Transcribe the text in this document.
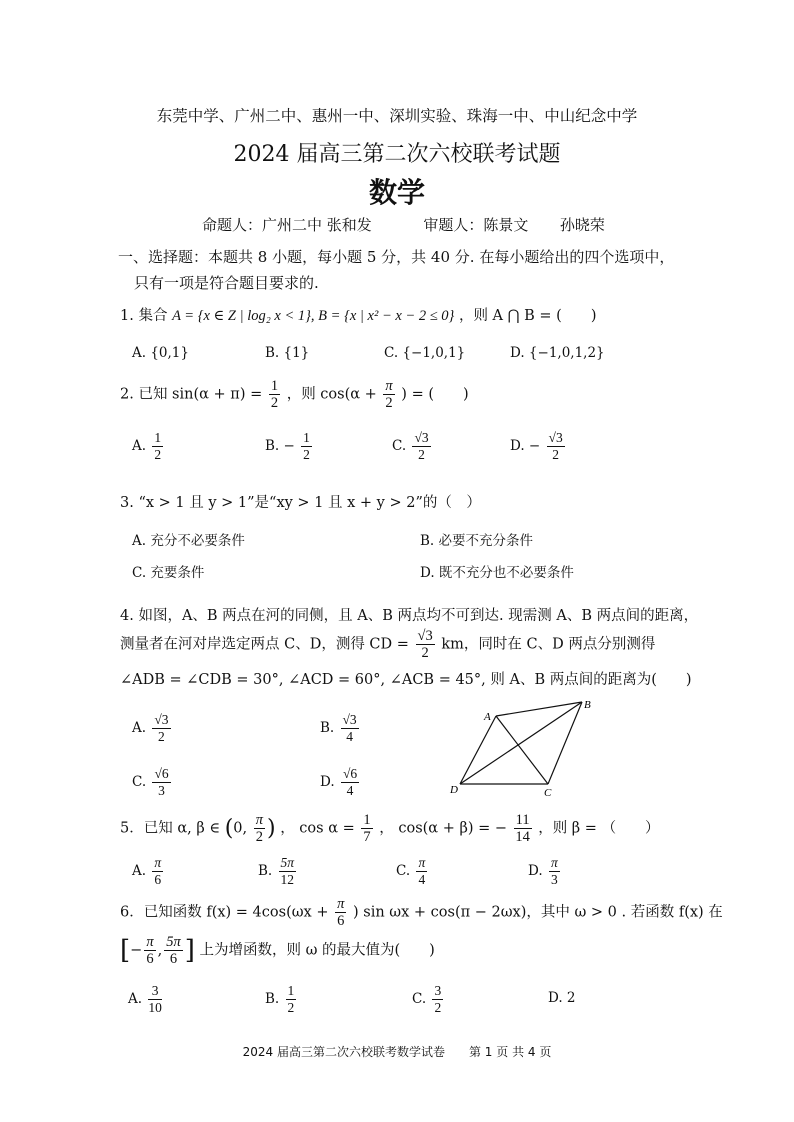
东莞中学、广州二中、惠州一中、深圳实验、珠海一中、中山纪念中学
2024 届高三第二次六校联考试题
数学
命题人：广州二中 张和发	审题人：陈景文 孙晓荣
一、选择题：本题共 8 小题，每小题 5 分，共 40 分. 在每小题给出的四个选项中，
只有一项是符合题目要求的.
1. 集合 A = {x ∈ Z | log₂ x < 1}, B = {x | x² − x − 2 ≤ 0} ，则 A ⋂ B = (　　)
A. {0,1}	B. {1}	C. {−1,0,1}	D. {−1,0,1,2}
2. 已知 $\sin(\alpha + \pi) = \frac{1}{2}$ ，则 $\cos(\alpha + \frac{\pi}{2}$ ) = (　　)
A. $\frac{1}{2}$	B. − $\frac{1}{2}$	C. $\frac{√3}{2}$	D. − $\frac{√3}{2}$
3. “x > 1 且 y > 1”是“xy > 1 且 x + y > 2”的（　）
A. 充分不必要条件	B. 必要不充分条件
C. 充要条件	D. 既不充分也不必要条件
4. 如图，A、B 两点在河的同侧，且 A、B 两点均不可到达. 现需测 A、B 两点间的距离，
测量者在河对岸选定两点 C、D，测得 CD = $\frac{√3}{2}$ km，同时在 C、D 两点分别测得
∠ADB = ∠CDB = 30°, ∠ACD = 60°, ∠ACB = 45°, 则 A、B 两点间的距离为(　　)
A. $\frac{√3}{2}$	B. $\frac{√3}{4}$
C. $\frac{√6}{3}$	D. $\frac{√6}{4}$
A
B
C
D
5．已知 α, β ∈ (0, $\frac{\pi}{2}$ ) ， $\cos \alpha = \frac{1}{7}$ ， cos(α + β) = − $\frac{11}{14}$ ，则 β = （　　）
A. $\frac{\pi}{6}$	B. $\frac{5\pi}{12}$	C. $\frac{\pi}{4}$	D. $\frac{\pi}{3}$
6．已知函数 $f(x) = 4\cos(\omega x + \frac{\pi}{6}$ ) sin ωx + cos(π − 2ωx)，其中 ω > 0 . 若函数 f(x) 在
[− $\frac{\pi}{6}$ , $\frac{5\pi}{6}$ ] 上为增函数，则 ω 的最大值为(　　)
A. $\frac{3}{10}$	B. $\frac{1}{2}$	C. $\frac{3}{2}$	D. 2
2024 届高三第二次六校联考数学试卷　　第 1 页 共 4 页
